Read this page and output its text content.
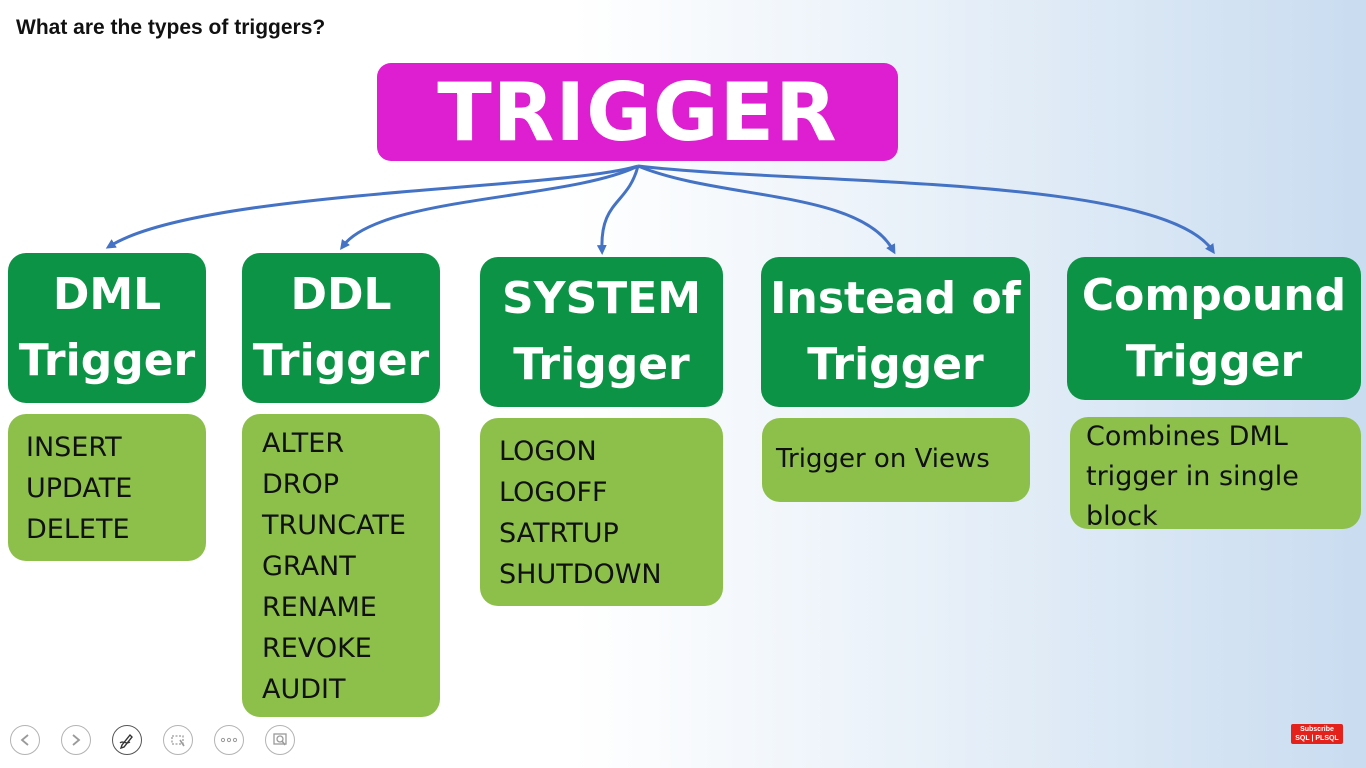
What are the types of triggers?
TRIGGER
DML
Trigger
INSERT
UPDATE
DELETE
DDL
Trigger
ALTER
DROP
TRUNCATE
GRANT
RENAME
REVOKE
AUDIT
SYSTEM
Trigger
LOGON
LOGOFF
SATRTUP
SHUTDOWN
Instead of
Trigger
Trigger on Views
Compound
Trigger
Combines DML
trigger in single
block
Subscribe
SQL | PLSQL
